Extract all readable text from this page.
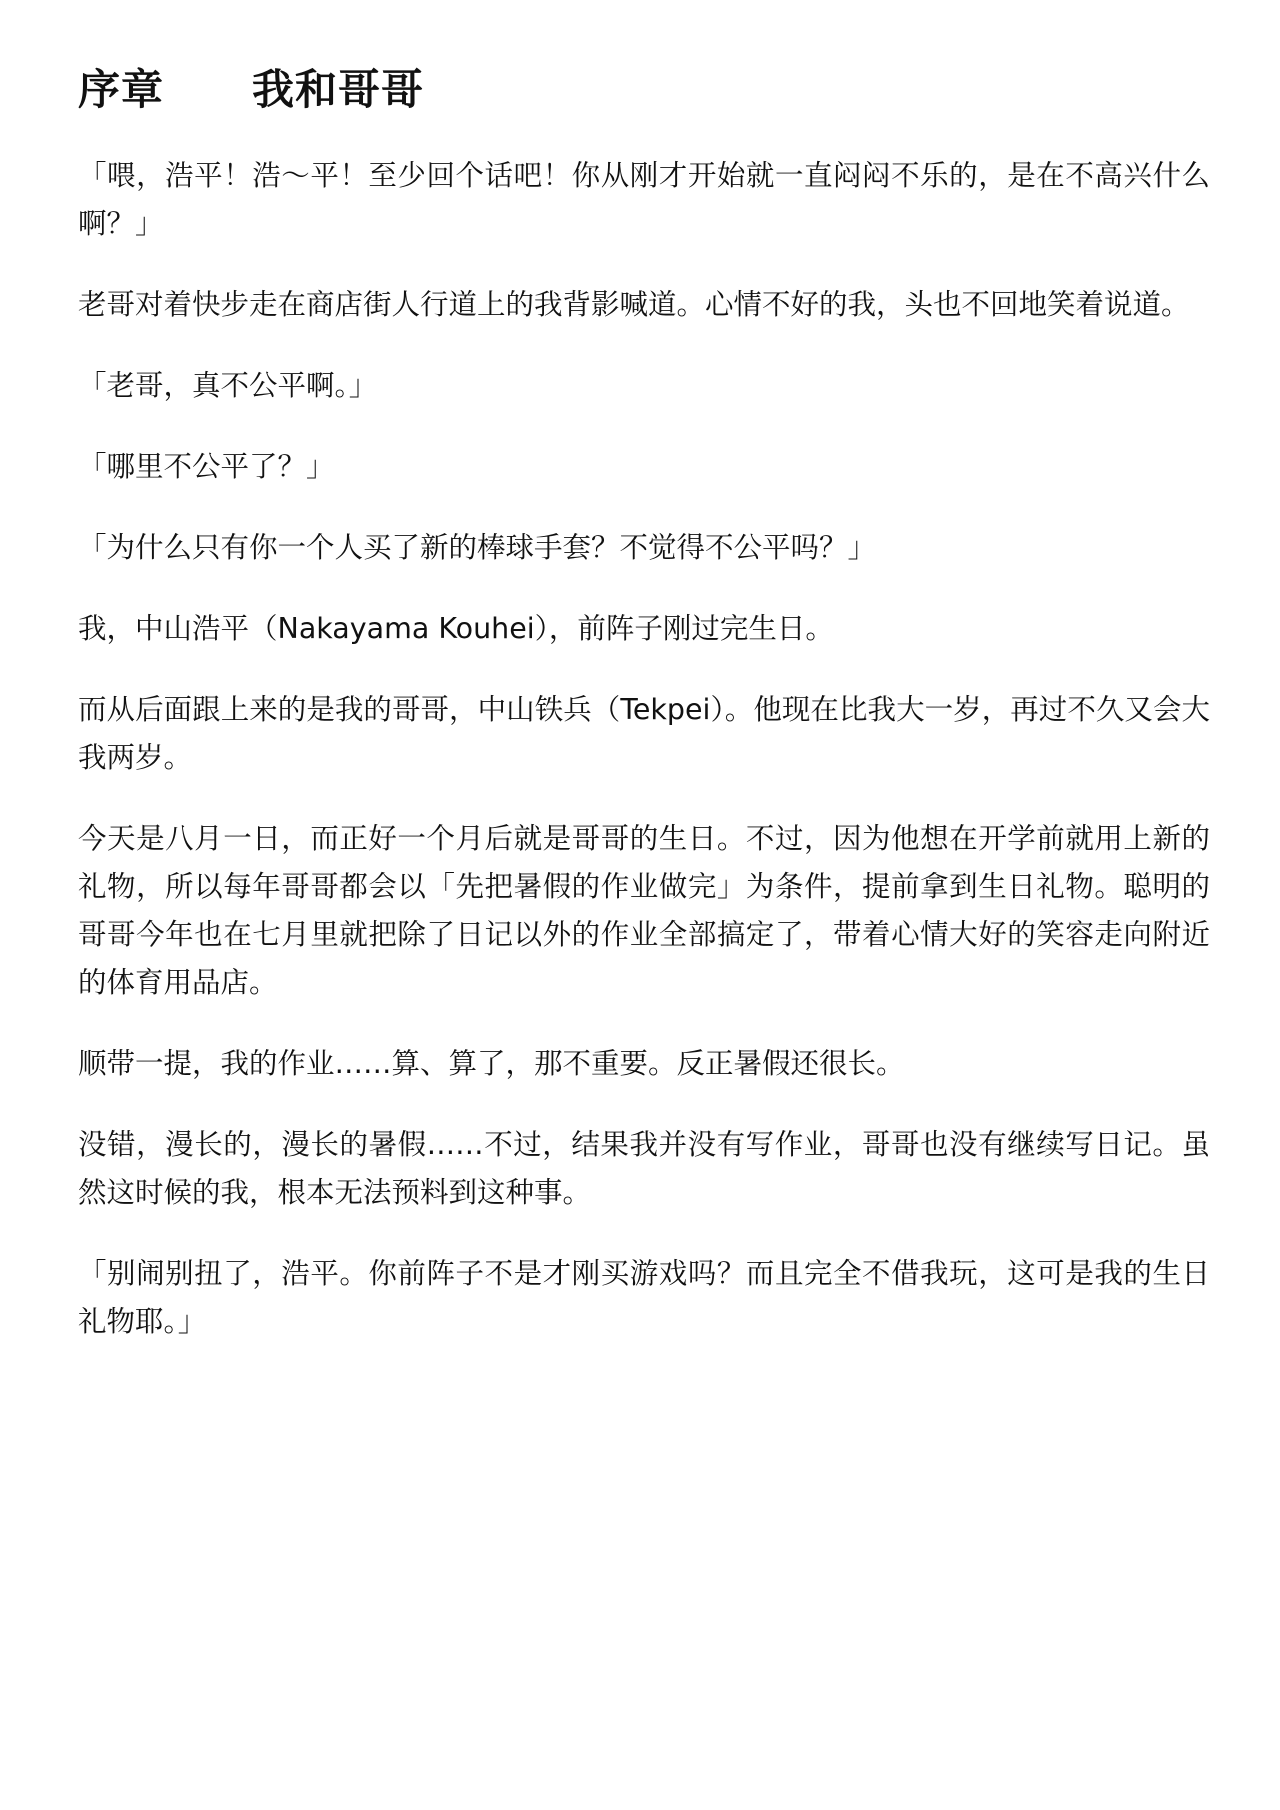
序章 我和哥哥

「喂，浩平！浩～平！至少回个话吧！你从刚才开始就一直闷闷不乐的，是在不高兴什么啊？」

老哥对着快步走在商店街人行道上的我背影喊道。心情不好的我，头也不回地笑着说道。

「老哥，真不公平啊。」

「哪里不公平了？」

「为什么只有你一个人买了新的棒球手套？不觉得不公平吗？」

我，中山浩平（Nakayama Kouhei），前阵子刚过完生日。

而从后面跟上来的是我的哥哥，中山铁兵（Tekpei）。他现在比我大一岁，再过不久又会大我两岁。

今天是八月一日，而正好一个月后就是哥哥的生日。不过，因为他想在开学前就用上新的礼物，所以每年哥哥都会以「先把暑假的作业做完」为条件，提前拿到生日礼物。聪明的哥哥今年也在七月里就把除了日记以外的作业全部搞定了，带着心情大好的笑容走向附近的体育用品店。

顺带一提，我的作业……算、算了，那不重要。反正暑假还很长。

没错，漫长的，漫长的暑假……不过，结果我并没有写作业，哥哥也没有继续写日记。虽然这时候的我，根本无法预料到这种事。

「别闹别扭了，浩平。你前阵子不是才刚买游戏吗？而且完全不借我玩，这可是我的生日礼物耶。」
